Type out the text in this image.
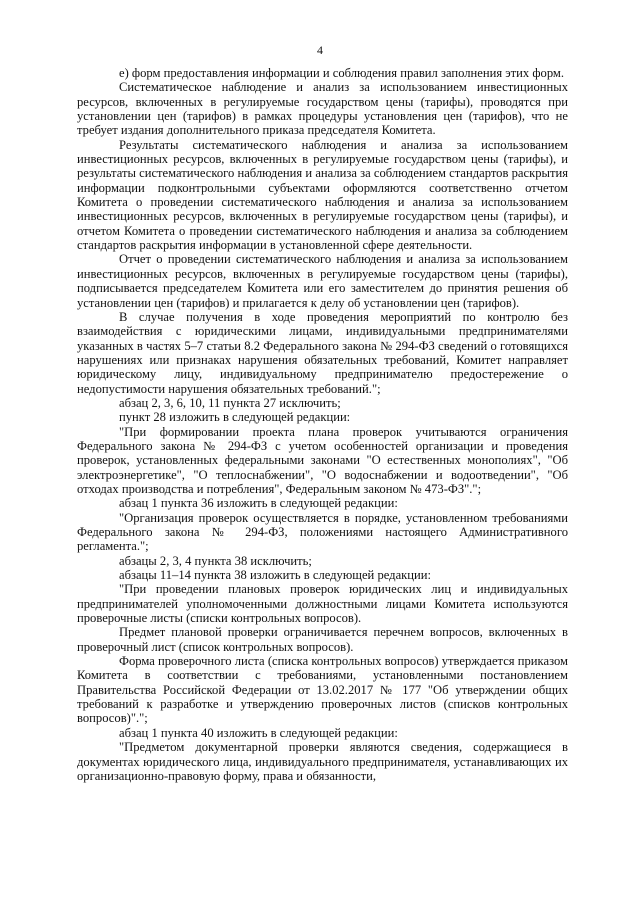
4

е) форм предоставления информации и соблюдения правил заполнения этих форм.

Систематическое наблюдение и анализ за использованием инвестиционных ресурсов, включенных в регулируемые государством цены (тарифы), проводятся при установлении цен (тарифов) в рамках процедуры установления цен (тарифов), что не требует издания дополнительного приказа председателя Комитета.

Результаты систематического наблюдения и анализа за использованием инвестиционных ресурсов, включенных в регулируемые государством цены (тарифы), и результаты систематического наблюдения и анализа за соблюдением стандартов раскрытия информации подконтрольными субъектами оформляются соответственно отчетом Комитета о проведении систематического наблюдения и анализа за использованием инвестиционных ресурсов, включенных в регулируемые государством цены (тарифы), и отчетом Комитета о проведении систематического наблюдения и анализа за соблюдением стандартов раскрытия информации в установленной сфере деятельности.

Отчет о проведении систематического наблюдения и анализа за использованием инвестиционных ресурсов, включенных в регулируемые государством цены (тарифы), подписывается председателем Комитета или его заместителем до принятия решения об установлении цен (тарифов) и прилагается к делу об установлении цен (тарифов).

В случае получения в ходе проведения мероприятий по контролю без взаимодействия с юридическими лицами, индивидуальными предпринимателями указанных в частях 5–7 статьи 8.2 Федерального закона № 294-ФЗ сведений о готовящихся нарушениях или признаках нарушения обязательных требований, Комитет направляет юридическому лицу, индивидуальному предпринимателю предостережение о недопустимости нарушения обязательных требований.";

абзац 2, 3, 6, 10, 11 пункта 27 исключить;

пункт 28 изложить в следующей редакции:

"При формировании проекта плана проверок учитываются ограничения Федерального закона № 294-ФЗ с учетом особенностей организации и проведения проверок, установленных федеральными законами "О естественных монополиях", "Об электроэнергетике", "О теплоснабжении", "О водоснабжении и водоотведении", "Об отходах производства и потребления", Федеральным законом № 473-ФЗ".";

абзац 1 пункта 36 изложить в следующей редакции:

"Организация проверок осуществляется в порядке, установленном требованиями Федерального закона № 294-ФЗ, положениями настоящего Административного регламента.";

абзацы 2, 3, 4 пункта 38 исключить;

абзацы 11–14 пункта 38 изложить в следующей редакции:

"При проведении плановых проверок юридических лиц и индивидуальных предпринимателей уполномоченными должностными лицами Комитета используются проверочные листы (списки контрольных вопросов).

Предмет плановой проверки ограничивается перечнем вопросов, включенных в проверочный лист (список контрольных вопросов).

Форма проверочного листа (списка контрольных вопросов) утверждается приказом Комитета в соответствии с требованиями, установленными постановлением Правительства Российской Федерации от 13.02.2017 № 177 "Об утверждении общих требований к разработке и утверждению проверочных листов (списков контрольных вопросов)".";

абзац 1 пункта 40 изложить в следующей редакции:

"Предметом документарной проверки являются сведения, содержащиеся в документах юридического лица, индивидуального предпринимателя, устанавливающих их организационно-правовую форму, права и обязанности,
